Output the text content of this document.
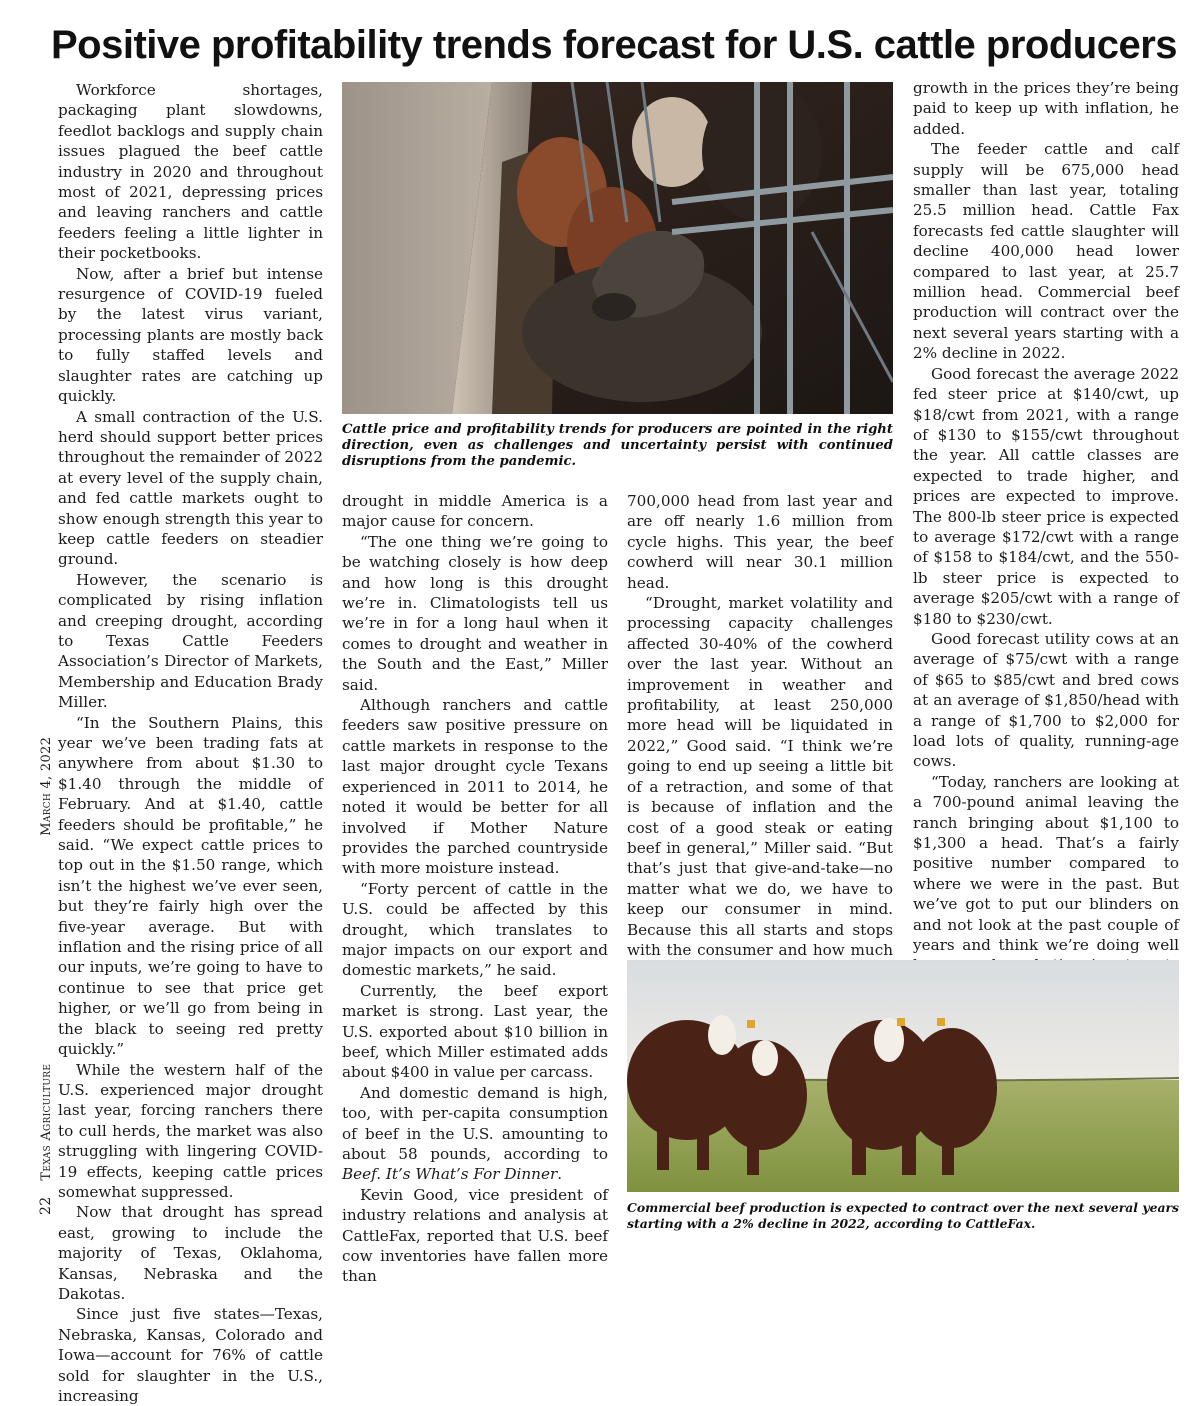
Positive profitability trends forecast for U.S. cattle producers

Workforce shortages, packaging plant slowdowns, feedlot backlogs and supply chain issues plagued the beef cattle industry in 2020 and throughout most of 2021, depressing prices and leaving ranchers and cattle feeders feeling a little lighter in their pocketbooks.

Now, after a brief but intense resurgence of COVID-19 fueled by the latest virus variant, processing plants are mostly back to fully staffed levels and slaughter rates are catching up quickly.

A small contraction of the U.S. herd should support better prices throughout the remainder of 2022 at every level of the supply chain, and fed cattle markets ought to show enough strength this year to keep cattle feeders on steadier ground.

However, the scenario is complicated by rising inflation and creeping drought, according to Texas Cattle Feeders Association’s Director of Markets, Membership and Education Brady Miller.

“In the Southern Plains, this year we’ve been trading fats at anywhere from about $1.30 to $1.40 through the middle of February. And at $1.40, cattle feeders should be profitable,” he said. “We expect cattle prices to top out in the $1.50 range, which isn’t the highest we’ve ever seen, but they’re fairly high over the five-year average. But with inflation and the rising price of all our inputs, we’re going to have to continue to see that price get higher, or we’ll go from being in the black to seeing red pretty quickly.”

While the western half of the U.S. experienced major drought last year, forcing ranchers there to cull herds, the market was also struggling with lingering COVID-19 effects, keeping cattle prices somewhat suppressed.

Now that drought has spread east, growing to include the majority of Texas, Oklahoma, Kansas, Nebraska and the Dakotas.

Since just five states—Texas, Nebraska, Kansas, Colorado and Iowa—account for 76% of cattle sold for slaughter in the U.S., increasing

Cattle price and profitability trends for producers are pointed in the right direction, even as challenges and uncertainty persist with continued disruptions from the pandemic.

drought in middle America is a major cause for concern.

“The one thing we’re going to be watching closely is how deep and how long is this drought we’re in. Climatologists tell us we’re in for a long haul when it comes to drought and weather in the South and the East,” Miller said.

Although ranchers and cattle feeders saw positive pressure on cattle markets in response to the last major drought cycle Texans experienced in 2011 to 2014, he noted it would be better for all involved if Mother Nature provides the parched countryside with more moisture instead.

“Forty percent of cattle in the U.S. could be affected by this drought, which translates to major impacts on our export and domestic markets,” he said.

Currently, the beef export market is strong. Last year, the U.S. exported about $10 billion in beef, which Miller estimated adds about $400 in value per carcass.

And domestic demand is high, too, with per-capita consumption of beef in the U.S. amounting to about 58 pounds, according to Beef. It’s What’s For Dinner.

Kevin Good, vice president of industry relations and analysis at CattleFax, reported that U.S. beef cow inventories have fallen more than

700,000 head from last year and are off nearly 1.6 million from cycle highs. This year, the beef cowherd will near 30.1 million head.

“Drought, market volatility and processing capacity challenges affected 30-40% of the cowherd over the last year. Without an improvement in weather and profitability, at least 250,000 more head will be liquidated in 2022,” Good said. “I think we’re going to end up seeing a little bit of a retraction, and some of that is because of inflation and the cost of a good steak or eating beef in general,” Miller said. “But that’s just that give-and-take—no matter what we do, we have to keep our consumer in mind. Because this all starts and stops with the consumer and how much

growth in the prices they’re being paid to keep up with inflation, he added.

The feeder cattle and calf supply will be 675,000 head smaller than last year, totaling 25.5 million head. Cattle Fax forecasts fed cattle slaughter will decline 400,000 head lower compared to last year, at 25.7 million head. Commercial beef production will contract over the next several years starting with a 2% decline in 2022.

Good forecast the average 2022 fed steer price at $140/cwt, up $18/cwt from 2021, with a range of $130 to $155/cwt throughout the year. All cattle classes are expected to trade higher, and prices are expected to improve. The 800-lb steer price is expected to average $172/cwt with a range of $158 to $184/cwt, and the 550-lb steer price is expected to average $205/cwt with a range of $180 to $230/cwt.

Good forecast utility cows at an average of $75/cwt with a range of $65 to $85/cwt and bred cows at an average of $1,850/head with a range of $1,700 to $2,000 for load lots of quality, running-age cows.

“Today, ranchers are looking at a 700-pound animal leaving the ranch bringing about $1,100 to $1,300 a head. That’s a fairly positive number compared to where we were in the past. But we’ve got to put our blinders on and not look at the past couple of years and think we’re doing well

Commercial beef production is expected to contract over the next several years starting with a 2% decline in 2022, according to CattleFax.

22
Texas Agriculture
March 4, 2022
